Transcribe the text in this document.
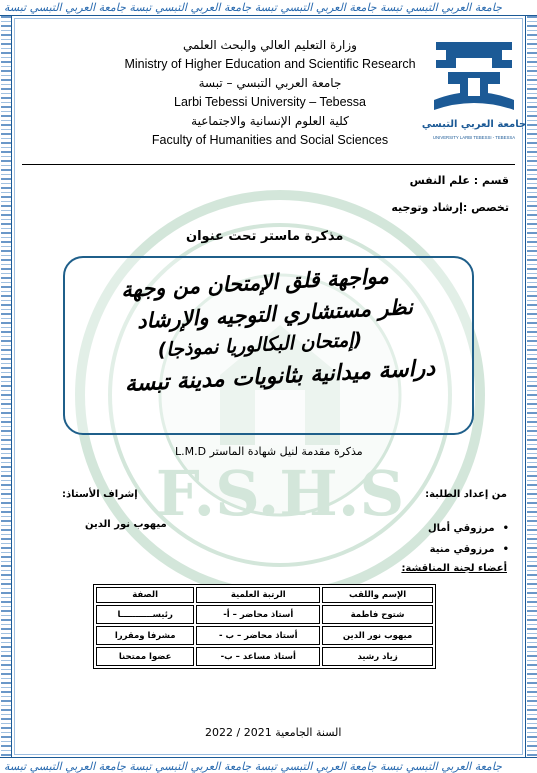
جامعة العربي التبسي تبسة جامعة العربي التبسي تبسة جامعة العربي التبسي تبسة جامعة العربي التبسي تبسة
جامعة العربي التبسي تبسة جامعة العربي التبسي تبسة جامعة العربي التبسي تبسة جامعة العربي التبسي تبسة
F.S.H.S
وزارة التعليم العالي والبحث العلمي
Ministry of Higher Education and Scientific Research
جامعة العربي التبسي – تبسة
Larbi Tebessi University – Tebessa
كلية العلوم الإنسانية والاجتماعية
Faculty of Humanities and Social Sciences
جامعة العربي التبسي
UNIVERSITY LARBI TEBESSI - TEBESSA
قسم : علم النفس
تخصص :إرشاد وتوجيه
مذكرة ماستر تحت عنوان
مواجهة قلق الإمتحان من وجهة
نظر مستشاري التوجيه والإرشاد
(إمتحان البكالوريا نموذجا)
دراسة ميدانية بثانويات مدينة تبسة
مذكرة مقدمة لنيل شهادة الماستر L.M.D
من إعداد الطلبة:
إشراف الأستاذ:
ميهوب نور الدين	• مرزوقي أمال
• مرزوقي منية
أعضاء لجنة المناقشة:
الإسم واللقب	الرتبة العلمية	الصفة
شتوح فاطمة	أستاذ محاضر – أ-	رئيســـــــــــا
ميهوب نور الدين	أستاذ محاضر – ب -	مشرفا ومقررا
زياد رشيد	أستاذ مساعد – ب-	عضوا ممتحنا
السنة الجامعية 2021 / 2022
